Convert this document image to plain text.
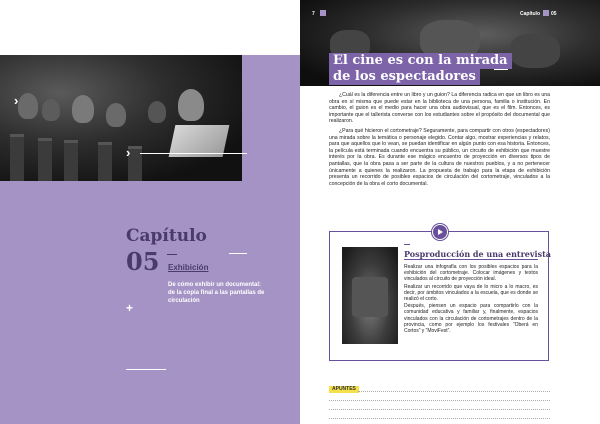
›
›
Capítulo
05 Exhibición
De cómo exhibir un documental: de la copia final a las pantallas de circulación
+
7	Capítulo 05
El cine es con la mirada
de los espectadores

¿Cuál es la diferencia entre un libro y un guion? La diferencia radica en que un libro es una obra en sí misma que puede estar en la biblioteca de una persona, familia o institución. En cambio, el guion es el medio para hacer una obra audiovisual, que es el film. Entonces, es importante que el tallerista converse con los estudiantes sobre el propósito del documental que realizaron.

¿Para qué hicieron el cortometraje? Seguramente, para compartir con otros (espectadores) una mirada sobre la temática o personaje elegido. Contar algo, mostrar experiencias y relatos, para que aquellos que lo vean, se puedan identificar en algún punto con esa historia. Entonces, la película está terminada cuando encuentra su público, un circuito de exhibición que muestre interés por la obra. Es durante ese mágico encuentro de proyección en diversos tipos de pantallas, que la obra pasa a ser parte de la cultura de nuestros pueblos, y a no pertenecer únicamente a quienes la realizaron. La propuesta de trabajo para la etapa de exhibición presenta un recorrido de posibles espacios de circulación del cortometraje, vinculados a la concepción de la obra el corto documental.

Posproducción de una entrevista

Realizar una infografía con los posibles espacios para la exhibición del cortometraje. Colocar imágenes y textos vinculados al circuito de proyección ideal.

Realizar un recorrido que vaya de lo micro a lo macro, es decir, por ámbitos vinculados a la escuela, que es donde se realizó el corto.

Después, piensen un espacio para compartirlo con la comunidad educativa y familiar y, finalmente, espacios vinculados con la circulación de cortometrajes dentro de la provincia, como por ejemplo los festivales “Oberá en Cortos” y “MoviFest”.

APUNTES
